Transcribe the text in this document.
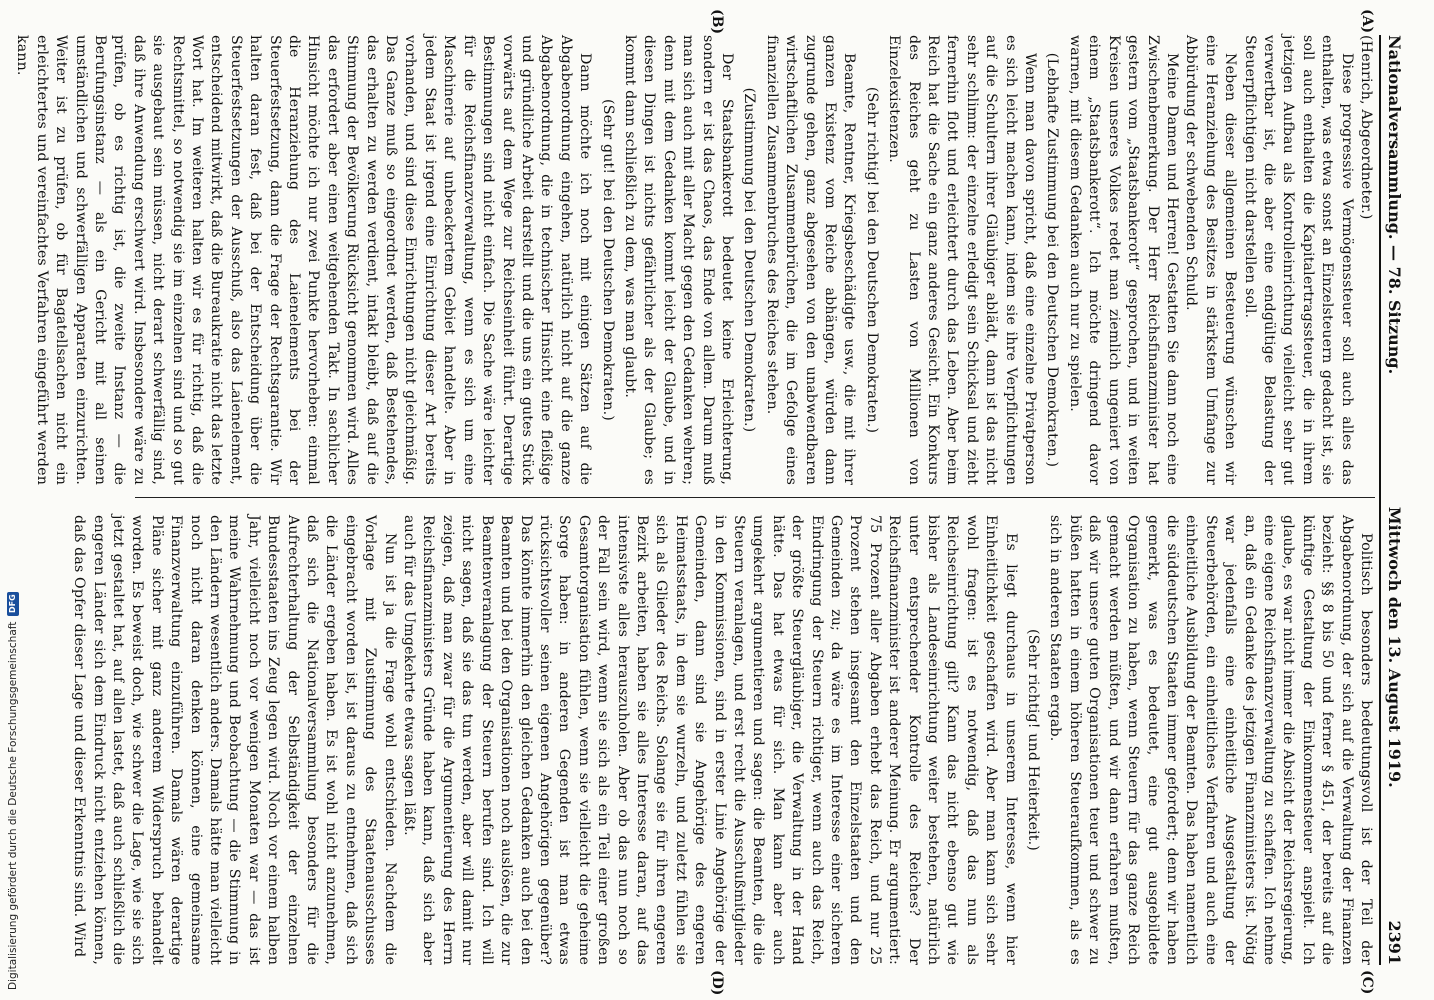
Nationalversammlung. — 78. Sitzung.
Mittwoch den 13. August 1919.
2391
(A)
(B)
(C)
(D)

(Henrich, Abgeordneter.)

Diese progressive Vermögenssteuer soll auch alles das enthalten, was etwa sonst an Einzelsteuern gedacht ist, sie soll auch enthalten die Kapitalertragssteuer, die in ihrem jetzigen Aufbau als Kontrolleinrichtung vielleicht sehr gut verwertbar ist, die aber eine endgültige Belastung der Steuerpflichtigen nicht darstellen soll.

Neben dieser allgemeinen Besteuerung wünschen wir eine Heranziehung des Besitzes in stärkstem Umfange zur Abbürdung der schwebenden Schuld.

Meine Damen und Herren! Gestatten Sie dann noch eine Zwischenbemerkung. Der Herr Reichsfinanzminister hat gestern vom „Staatsbankerott“ gesprochen, und in weiten Kreisen unseres Volkes redet man ziemlich ungeniert von einem „Staatsbankerott“. Ich möchte dringend davor warnen, mit diesem Gedanken auch nur zu spielen.

(Lebhafte Zustimmung bei den Deutschen Demokraten.)

Wenn man davon spricht, daß eine einzelne Privatperson es sich leicht machen kann, indem sie ihre Verpflichtungen auf die Schultern ihrer Gläubiger ablädt, dann ist das nicht sehr schlimm: der einzelne erledigt sein Schicksal und zieht fernerhin flott und erleichtert durch das Leben. Aber beim Reich hat die Sache ein ganz anderes Gesicht. Ein Konkurs des Reiches geht zu Lasten von Millionen von Einzelexistenzen.

(Sehr richtig! bei den Deutschen Demokraten.)

Beamte, Rentner, Kriegsbeschädigte usw., die mit ihrer ganzen Existenz vom Reiche abhängen, würden dann zugrunde gehen, ganz abgesehen von den unabwendbaren wirtschaftlichen Zusammenbrüchen, die im Gefolge eines finanziellen Zusammenbruches des Reiches stehen.

(Zustimmung bei den Deutschen Demokraten.)

Der Staatsbankerott bedeutet keine Erleichterung, sondern er ist das Chaos, das Ende von allem. Darum muß man sich auch mit aller Macht gegen den Gedanken wehren; denn mit dem Gedanken kommt leicht der Glaube, und in diesen Dingen ist nichts gefährlicher als der Glaube; es kommt dann schließlich zu dem, was man glaubt.

(Sehr gut! bei den Deutschen Demokraten.)

Dann möchte ich noch mit einigen Sätzen auf die Abgabenordnung eingehen, natürlich nicht auf die ganze Abgabenordnung, die in technischer Hinsicht eine fleißige und gründliche Arbeit darstellt und die uns ein gutes Stück vorwärts auf dem Wege zur Reichseinheit führt. Derartige Bestimmungen sind nicht einfach. Die Sache wäre leichter für die Reichsfinanzverwaltung, wenn es sich um eine Maschinerie auf unbeackertem Gebiet handelte. Aber in jedem Staat ist irgend eine Einrichtung dieser Art bereits vorhanden, und sind diese Einrichtungen nicht gleichmäßig. Das Ganze muß so eingeordnet werden, daß Bestehendes, das erhalten zu werden verdient, intakt bleibt, daß auf die Stimmung der Bevölkerung Rücksicht genommen wird. Alles das erfordert aber einen weitgehenden Takt. In sachlicher Hinsicht möchte ich nur zwei Punkte hervorheben: einmal die Heranziehung des Laienelements bei der Steuerfestsetzung, dann die Frage der Rechtsgarantie. Wir halten daran fest, daß bei der Entscheidung über die Steuerfestsetzungen der Ausschuß, also das Laienelement, entscheidend mitwirkt, daß die Bureaukratie nicht das letzte Wort hat. Im weiteren halten wir es für richtig, daß die Rechtsmittel, so notwendig sie im einzelnen sind und so gut sie ausgebaut sein müssen, nicht derart schwerfällig sind, daß ihre Anwendung erschwert wird. Insbesondere wäre zu prüfen, ob es richtig ist, die zweite Instanz — die Berufungsinstanz — als ein Gericht mit all seinen umständlichen und schwerfälligen Apparaten einzurichten. Weiter ist zu prüfen, ob für Bagatellsachen nicht ein erleichtertes und vereinfachtes Verfahren eingeführt werden kann.

Politisch besonders bedeutungsvoll ist der Teil der Abgabenordnung, der sich auf die Verwaltung der Finanzen bezieht: §§ 8 bis 50 und ferner § 451, der bereits auf die künftige Gestaltung der Einkommensteuer anspielt. Ich glaube, es war nicht immer die Absicht der Reichsregierung, eine eigene Reichsfinanzverwaltung zu schaffen. Ich nehme an, daß ein Gedanke des jetzigen Finanzministers ist. Nötig war jedenfalls eine einheitliche Ausgestaltung der Steuerbehörden, ein einheitliches Verfahren und auch eine einheitliche Ausbildung der Beamten. Das haben namentlich die süddeutschen Staaten immer gefordert; denn wir haben gemerkt, was es bedeutet, eine gut ausgebildete Organisation zu haben, wenn Steuern für das ganze Reich gemacht werden müßten, und wir dann erfahren mußten, daß wir unsere guten Organisationen teuer und schwer zu büßen hatten in einem höheren Steueraufkommen, als es sich in anderen Staaten ergab.

(Sehr richtig! und Heiterkeit.)

Es liegt durchaus in unserem Interesse, wenn hier Einheitlichkeit geschaffen wird. Aber man kann sich sehr wohl fragen: ist es notwendig, daß das nun als Reichseinrichtung gilt? Kann das nicht ebenso gut wie bisher als Landeseinrichtung weiter bestehen, natürlich unter entsprechender Kontrolle des Reiches? Der Reichsfinanzminister ist anderer Meinung. Er argumentiert: 75 Prozent aller Abgaben erhebt das Reich, und nur 25 Prozent stehen insgesamt den Einzelstaaten und den Gemeinden zu; da wäre es im Interesse einer sicheren Eindringung der Steuern richtiger, wenn auch das Reich, der größte Steuergläubiger, die Verwaltung in der Hand hätte. Das hat etwas für sich. Man kann aber auch umgekehrt argumentieren und sagen: die Beamten, die die Steuern veranlagen, und erst recht die Ausschußmitglieder in den Kommissionen, sind in erster Linie Angehörige der Gemeinden, dann sind sie Angehörige des engeren Heimatsstaats, in dem sie wurzeln, und zuletzt fühlen sie sich als Glieder des Reichs. Solange sie für ihren engeren Bezirk arbeiten, haben sie alles Interesse daran, auf das intensivste alles herauszuholen. Aber ob das nun noch so der Fall sein wird, wenn sie sich als ein Teil einer großen Gesamtorganisation fühlen, wenn sie vielleicht die geheime Sorge haben: in anderen Gegenden ist man etwas rücksichtsvoller seinen eigenen Angehörigen gegenüber? Das könnte immerhin den gleichen Gedanken auch bei den Beamten und bei den Organisationen noch auslösen, die zur Beamtenveranlagung der Steuern berufen sind. Ich will nicht sagen, daß sie das tun werden, aber will damit nur zeigen, daß man zwar für die Argumentierung des Herrn Reichsfinanzministers Gründe haben kann, daß sich aber auch für das Umgekehrte etwas sagen läßt.

Nun ist ja die Frage wohl entschieden. Nachdem die Vorlage mit Zustimmung des Staatenausschusses eingebracht worden ist, ist daraus zu entnehmen, daß sich die Länder ergeben haben. Es ist wohl nicht anzunehmen, daß sich die Nationalversammlung besonders für die Aufrechterhaltung der Selbständigkeit der einzelnen Bundesstaaten ins Zeug legen wird. Noch vor einem halben Jahr, vielleicht noch vor wenigen Monaten war — das ist meine Wahrnehmung und Beobachtung — die Stimmung in den Ländern wesentlich anders. Damals hätte man vielleicht noch nicht daran denken können, eine gemeinsame Finanzverwaltung einzuführen. Damals wären derartige Pläne sicher mit ganz anderem Widerspruch behandelt worden. Es beweist doch, wie schwer die Lage, wie sie sich jetzt gestaltet hat, auf allen lastet, daß auch schließlich die engeren Länder sich dem Eindruck nicht entziehen können, daß das Opfer dieser Lage und dieser Erkenntnis sind. Wird

Digitalisierung gefördert durch die Deutsche Forschungsgemeinschaft
DFG
